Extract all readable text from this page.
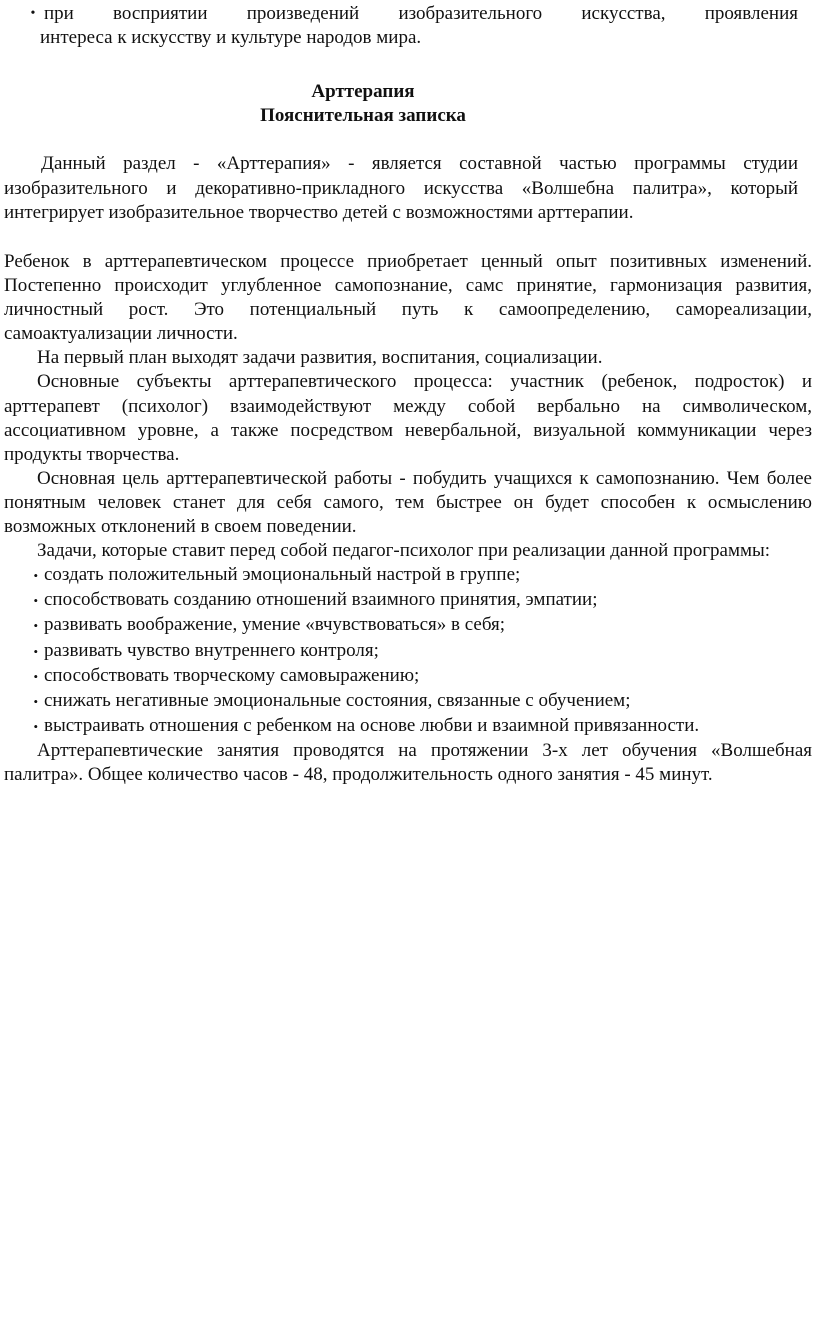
• при восприятии произведений изобразительного искусства, проявления
интереса к искусству и культуре народов мира.
Арттерапия
Пояснительная записка

Данный раздел - «Арттерапия» - является составной частью программы студии изобразительного и декоративно-прикладного искусства «Волшебна палитра», который интегрирует изобразительное творчество детей с возможностями арттерапии.

Ребенок в арттерапевтическом процессе приобретает ценный опыт позитивных изменений. Постепенно происходит углубленное самопознание, самс принятие, гармонизация развития, личностный рост. Это потенциальный путь к самоопределению, самореализации, самоактуализации личности.

На первый план выходят задачи развития, воспитания, социализации.

Основные субъекты арттерапевтического процесса: участник (ребенок, подросток) и арттерапевт (психолог) взаимодействуют между собой вербально на символическом, ассоциативном уровне, а также посредством невербальной, визуальной коммуникации через продукты творчества.

Основная цель арттерапевтической работы - побудить учащихся к самопознанию. Чем более понятным человек станет для себя самого, тем быстрее он будет способен к осмыслению возможных отклонений в своем поведении.

Задачи, которые ставит перед собой педагог-психолог при реализации данной программы:

• создать положительный эмоциональный настрой в группе;
• способствовать созданию отношений взаимного принятия, эмпатии;
• развивать воображение, умение «вчувствоваться» в себя;
• развивать чувство внутреннего контроля;
• способствовать творческому самовыражению;
• снижать негативные эмоциональные состояния, связанные с обучением;
• выстраивать отношения с ребенком на основе любви и взаимной привязанности.

Арттерапевтические занятия проводятся на протяжении 3-х лет обучения «Волшебная палитра». Общее количество часов - 48, продолжительность одного занятия - 45 минут.
